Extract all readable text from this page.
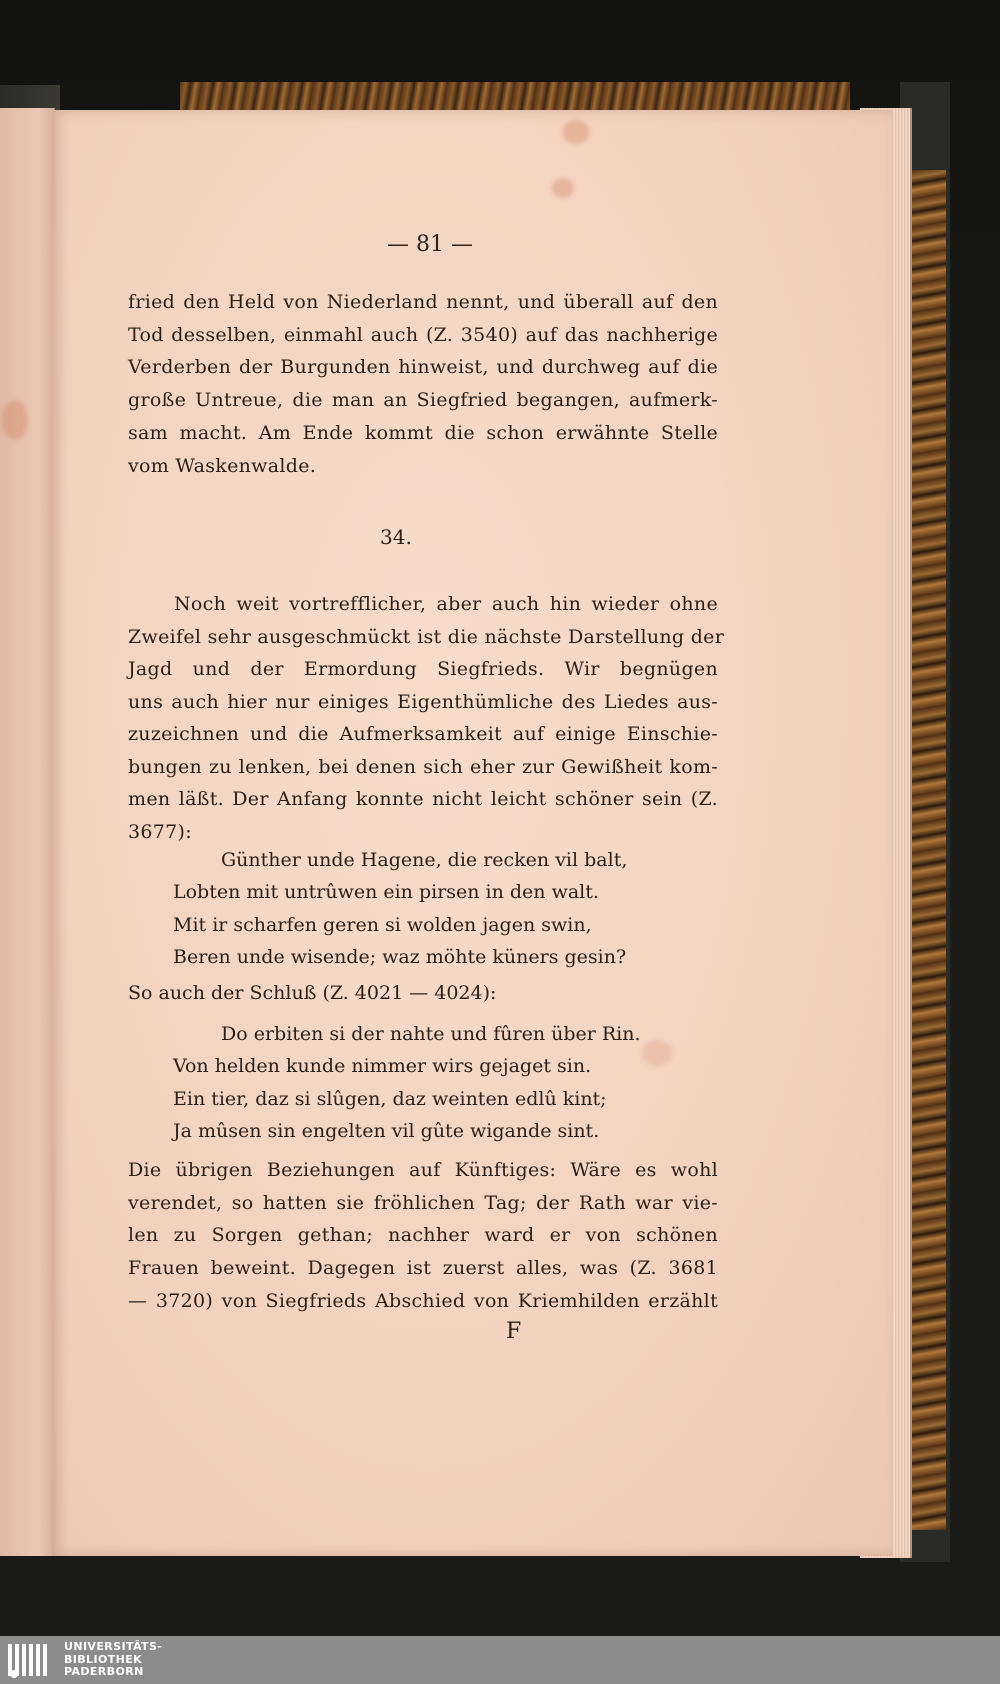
— 81 —
fried den Held von Niederland nennt, und überall auf den
Tod desselben, einmahl auch (Z. 3540) auf das nachherige
Verderben der Burgunden hinweist, und durchweg auf die
große Untreue, die man an Siegfried begangen, aufmerk-
sam macht. Am Ende kommt die schon erwähnte Stelle
vom Waskenwalde.
34.
Noch weit vortrefflicher, aber auch hin wieder ohne
Zweifel sehr ausgeschmückt ist die nächste Darstellung der
Jagd und der Ermordung Siegfrieds. Wir begnügen
uns auch hier nur einiges Eigenthümliche des Liedes aus-
zuzeichnen und die Aufmerksamkeit auf einige Einschie-
bungen zu lenken, bei denen sich eher zur Gewißheit kom-
men läßt. Der Anfang konnte nicht leicht schöner sein (Z.
3677):
Günther unde Hagene, die recken vil balt,
Lobten mit untrûwen ein pirsen in den walt.
Mit ir scharfen geren si wolden jagen swin,
Beren unde wisende; waz möhte küners gesin?
So auch der Schluß (Z. 4021 — 4024):
Do erbiten si der nahte und fûren über Rin.
Von helden kunde nimmer wirs gejaget sin.
Ein tier, daz si slûgen, daz weinten edlû kint;
Ja mûsen sin engelten vil gûte wigande sint.
Die übrigen Beziehungen auf Künftiges: Wäre es wohl
verendet, so hatten sie fröhlichen Tag; der Rath war vie-
len zu Sorgen gethan; nachher ward er von schönen
Frauen beweint. Dagegen ist zuerst alles, was (Z. 3681
— 3720) von Siegfrieds Abschied von Kriemhilden erzählt
F
UNIVERSITÄTS-
BIBLIOTHEK
PADERBORN
